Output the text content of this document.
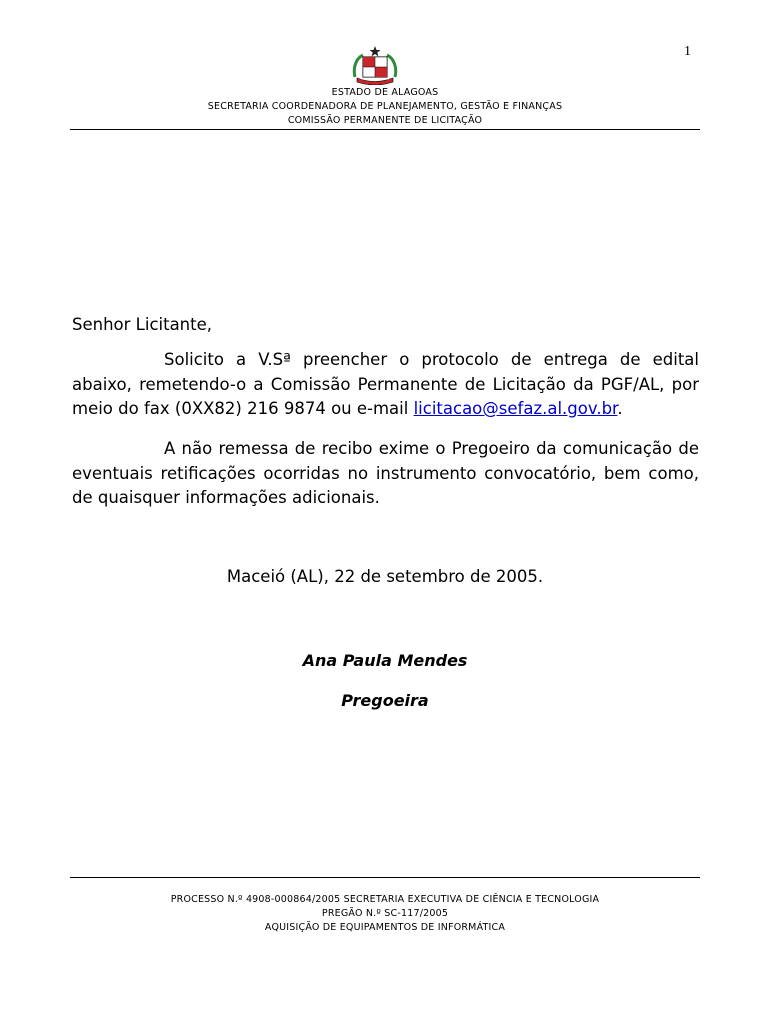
1
ESTADO DE ALAGOAS
SECRETARIA COORDENADORA DE PLANEJAMENTO, GESTÃO E FINANÇAS
COMISSÃO PERMANENTE DE LICITAÇÃO
Senhor Licitante,
Solicito a V.Sª preencher o protocolo de entrega de edital abaixo, remetendo-o a Comissão Permanente de Licitação da PGF/AL, por meio do fax (0XX82) 216 9874 ou e-mail licitacao@sefaz.al.gov.br.
A não remessa de recibo exime o Pregoeiro da comunicação de eventuais retificações ocorridas no instrumento convocatório, bem como, de quaisquer informações adicionais.
Maceió (AL), 22 de setembro de 2005.
Ana Paula Mendes
Pregoeira
PROCESSO N.º 4908-000864/2005 SECRETARIA EXECUTIVA DE CIÊNCIA E TECNOLOGIA
PREGÃO N.º SC-117/2005
AQUISIÇÃO DE EQUIPAMENTOS DE INFORMÁTICA
